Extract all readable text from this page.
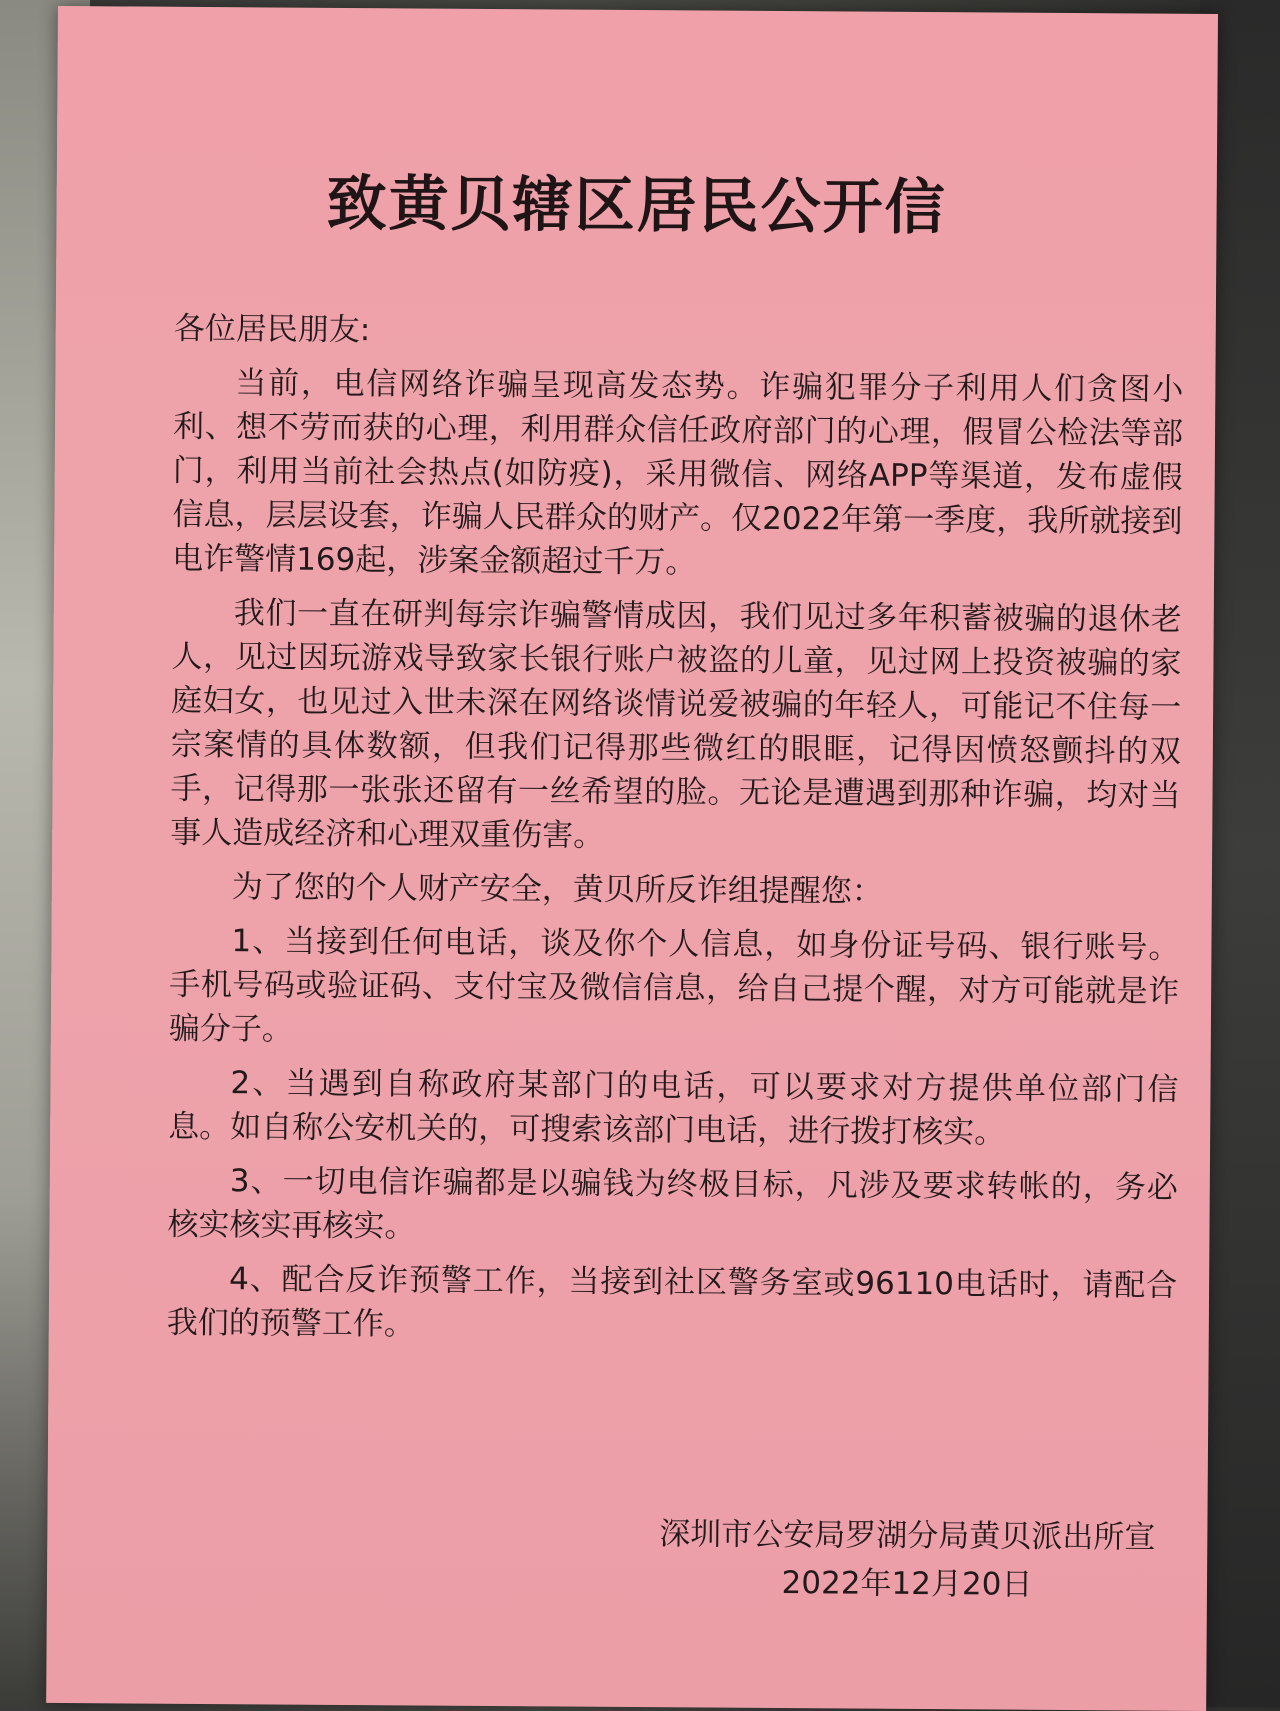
致黄贝辖区居民公开信

各位居民朋友:

当前，电信网络诈骗呈现高发态势。诈骗犯罪分子利用人们贪图小利、想不劳而获的心理，利用群众信任政府部门的心理，假冒公检法等部门，利用当前社会热点(如防疫)，采用微信、网络APP等渠道，发布虚假信息，层层设套，诈骗人民群众的财产。仅2022年第一季度，我所就接到电诈警情169起，涉案金额超过千万。

我们一直在研判每宗诈骗警情成因，我们见过多年积蓄被骗的退休老人，见过因玩游戏导致家长银行账户被盗的儿童，见过网上投资被骗的家庭妇女，也见过入世未深在网络谈情说爱被骗的年轻人，可能记不住每一宗案情的具体数额，但我们记得那些微红的眼眶，记得因愤怒颤抖的双手，记得那一张张还留有一丝希望的脸。无论是遭遇到那种诈骗，均对当事人造成经济和心理双重伤害。

为了您的个人财产安全，黄贝所反诈组提醒您：

1、当接到任何电话，谈及你个人信息，如身份证号码、银行账号。手机号码或验证码、支付宝及微信信息，给自己提个醒，对方可能就是诈骗分子。

2、当遇到自称政府某部门的电话，可以要求对方提供单位部门信息。如自称公安机关的，可搜索该部门电话，进行拨打核实。

3、一切电信诈骗都是以骗钱为终极目标，凡涉及要求转帐的，务必核实核实再核实。

4、配合反诈预警工作，当接到社区警务室或96110电话时，请配合我们的预警工作。

深圳市公安局罗湖分局黄贝派出所宣
2022年12月20日
